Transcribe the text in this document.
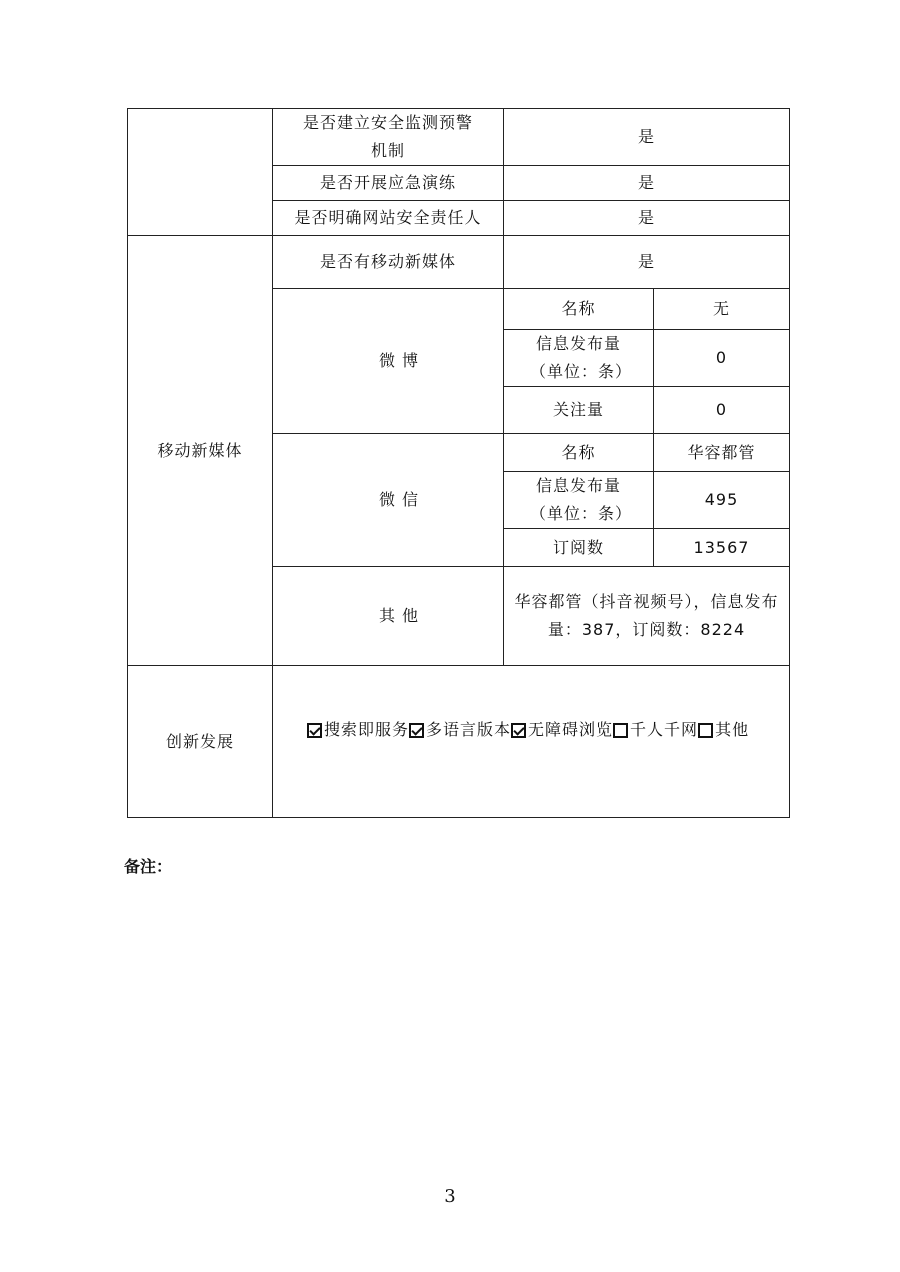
	是否建立安全监测预警机制	是	
	是否开展应急演练	是	
	是否明确网站安全责任人	是	
移动新媒体	是否有移动新媒体	是	
	微 博	名称	无
		信息发布量（单位：条）	0
		关注量	0
	微 信	名称	华容都管
		信息发布量（单位：条）	495
		订阅数	13567
	其 他	华容都管（抖音视频号），信息发布量：387，订阅数：8224	
创新发展	搜索即服务 多语言版本 无障碍浏览 千人千网 其他		
备注：
3
